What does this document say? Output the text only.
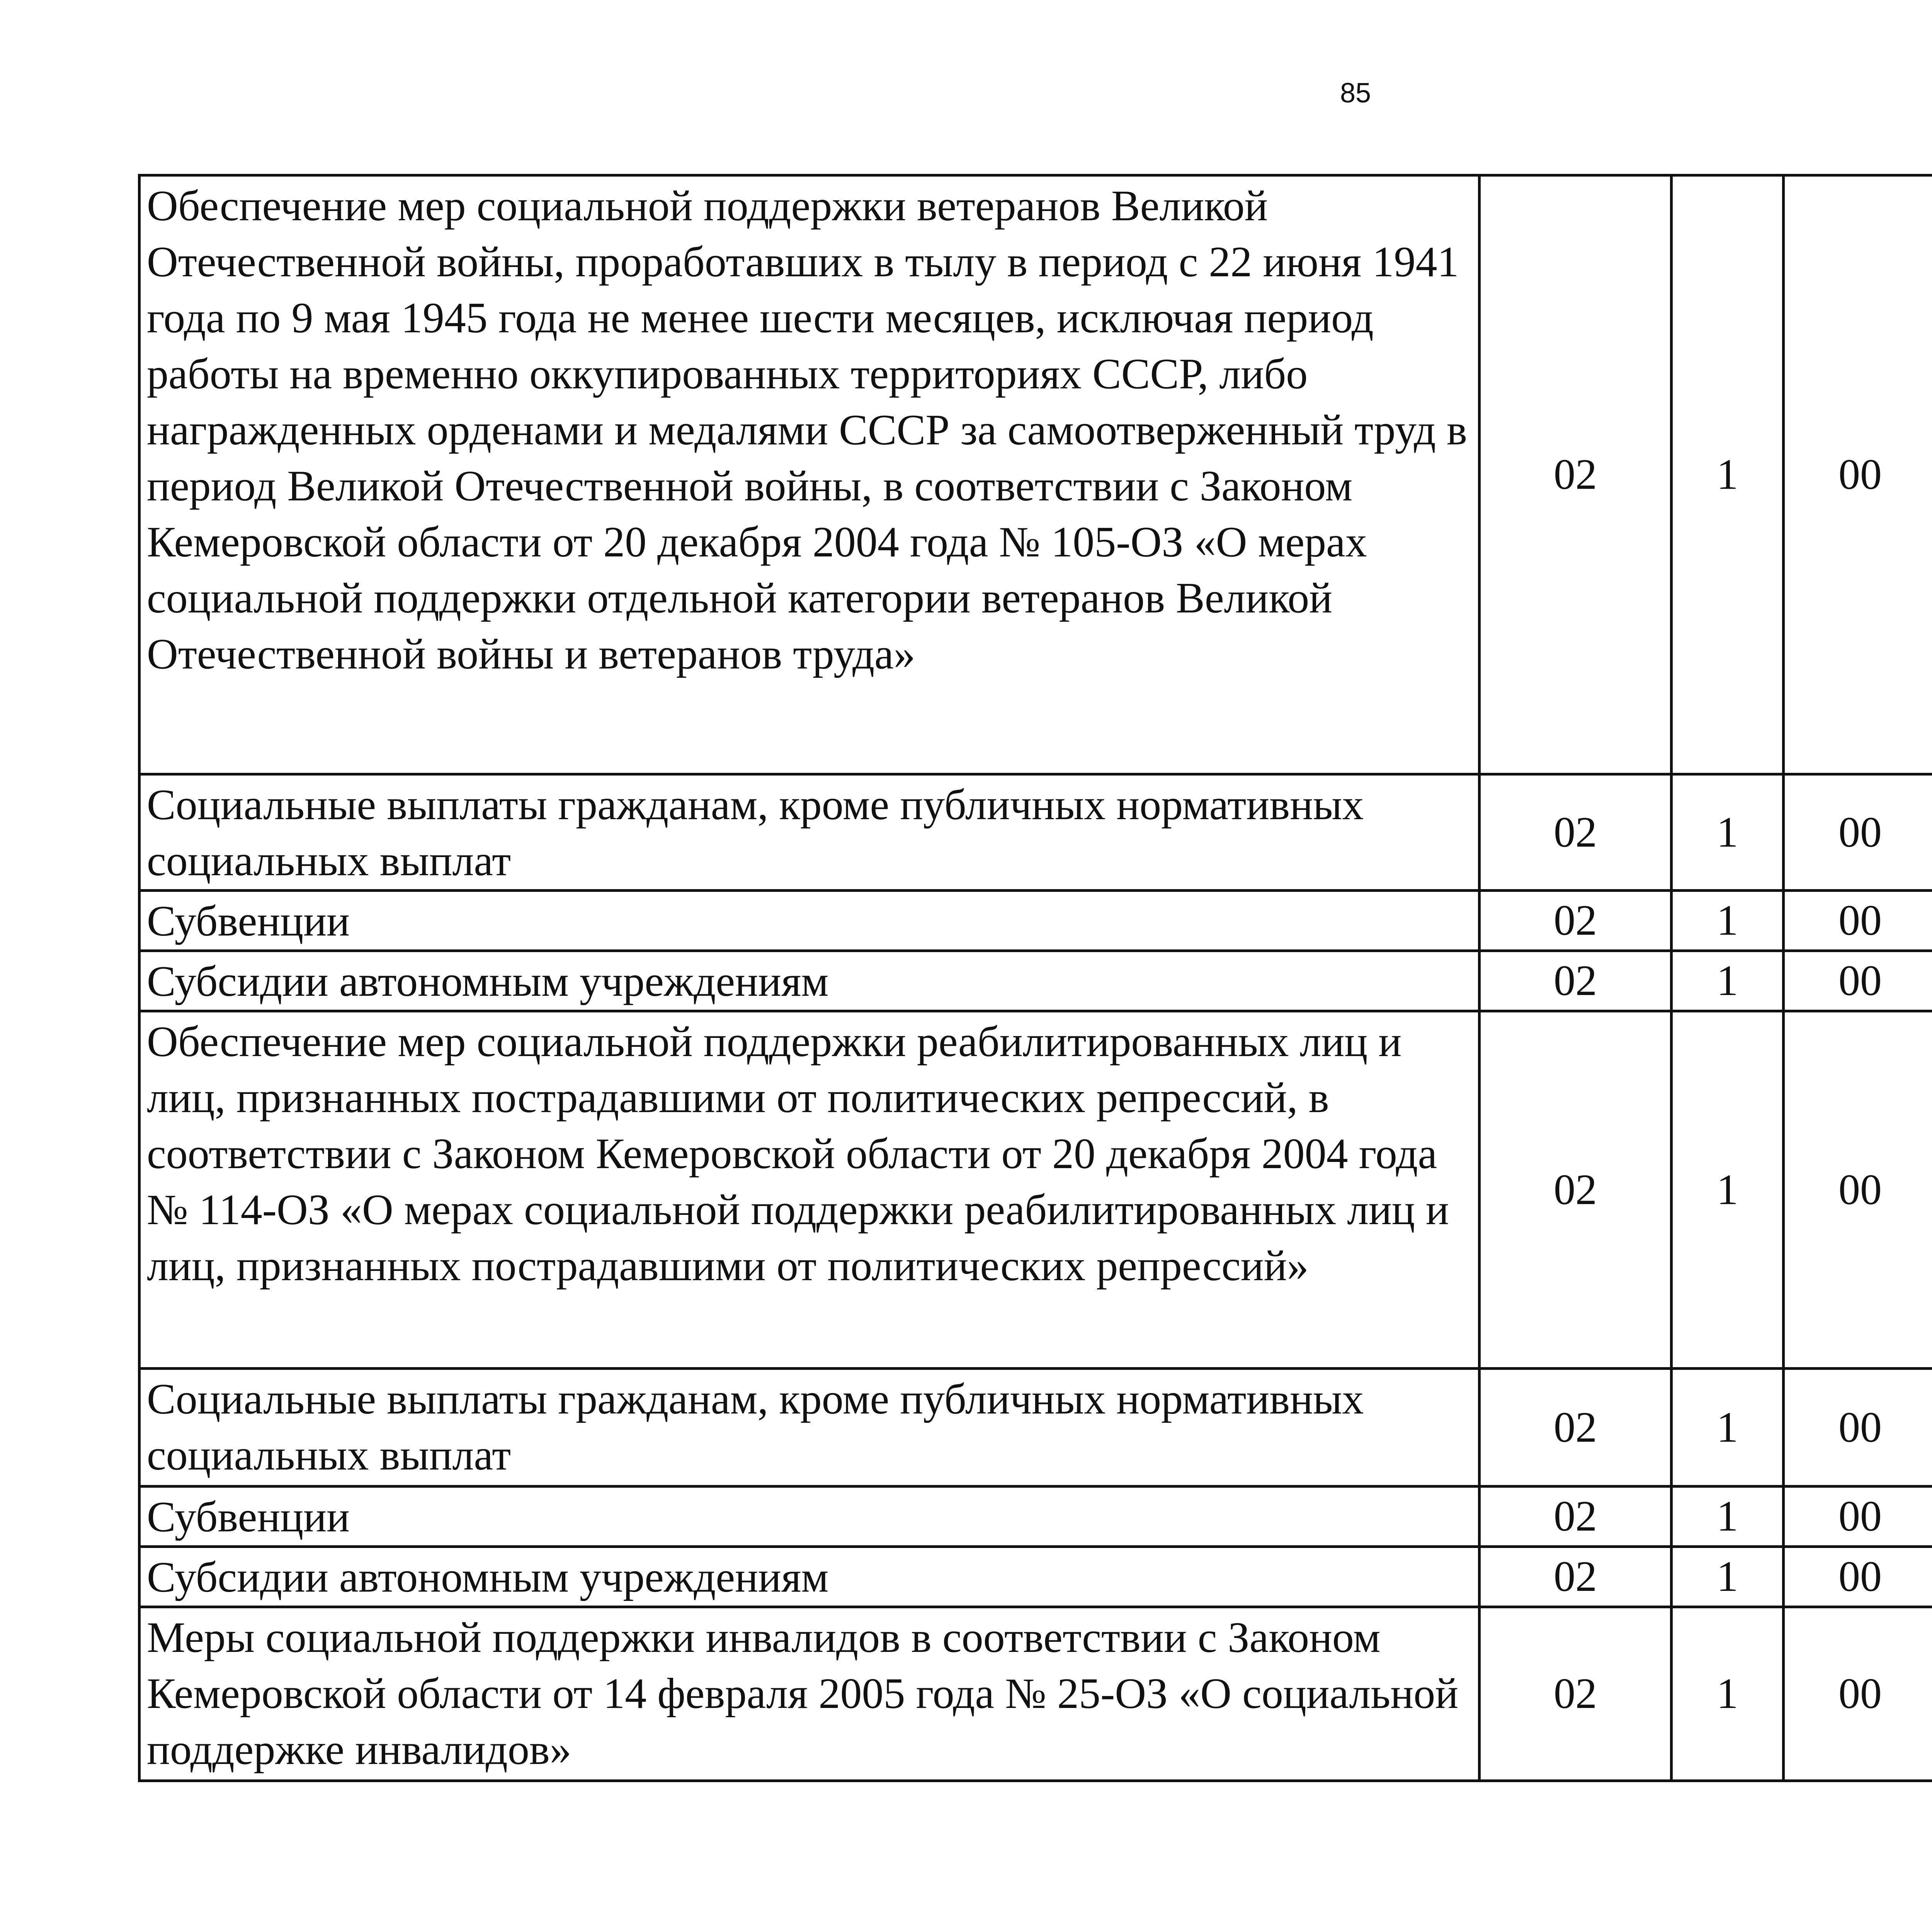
85
Обеспечение мер социальной поддержки ветеранов Великой Отечественной войны, проработавших в тылу в период с 22 июня 1941 года по 9 мая 1945 года не менее шести месяцев, исключая период работы на временно оккупированных территориях СССР, либо награжденных орденами и медалями СССР за самоотверженный труд в период Великой Отечественной войны, в соответствии с Законом Кемеровской области от 20 декабря 2004 года № 105-ОЗ «О мерах социальной поддержки отдельной категории ветеранов Великой Отечественной войны и ветеранов труда»	02	1	00			
Социальные выплаты гражданам, кроме публичных нормативных социальных выплат	02	1	00			
Субвенции	02	1	00			
Субсидии автономным учреждениям	02	1	00			
Обеспечение мер социальной поддержки реабилитированных лиц и лиц, признанных пострадавшими от политических репрессий, в соответствии с Законом Кемеровской области от 20 декабря 2004 года № 114-ОЗ «О мерах социальной поддержки реабилитированных лиц и лиц, признанных пострадавшими от политических репрессий»	02	1	00			
Социальные выплаты гражданам, кроме публичных нормативных социальных выплат	02	1	00			
Субвенции	02	1	00			
Субсидии автономным учреждениям	02	1	00			
Меры социальной поддержки инвалидов в соответствии с Законом Кемеровской области от 14 февраля 2005 года № 25-ОЗ «О социальной поддержке инвалидов»	02	1	00			
